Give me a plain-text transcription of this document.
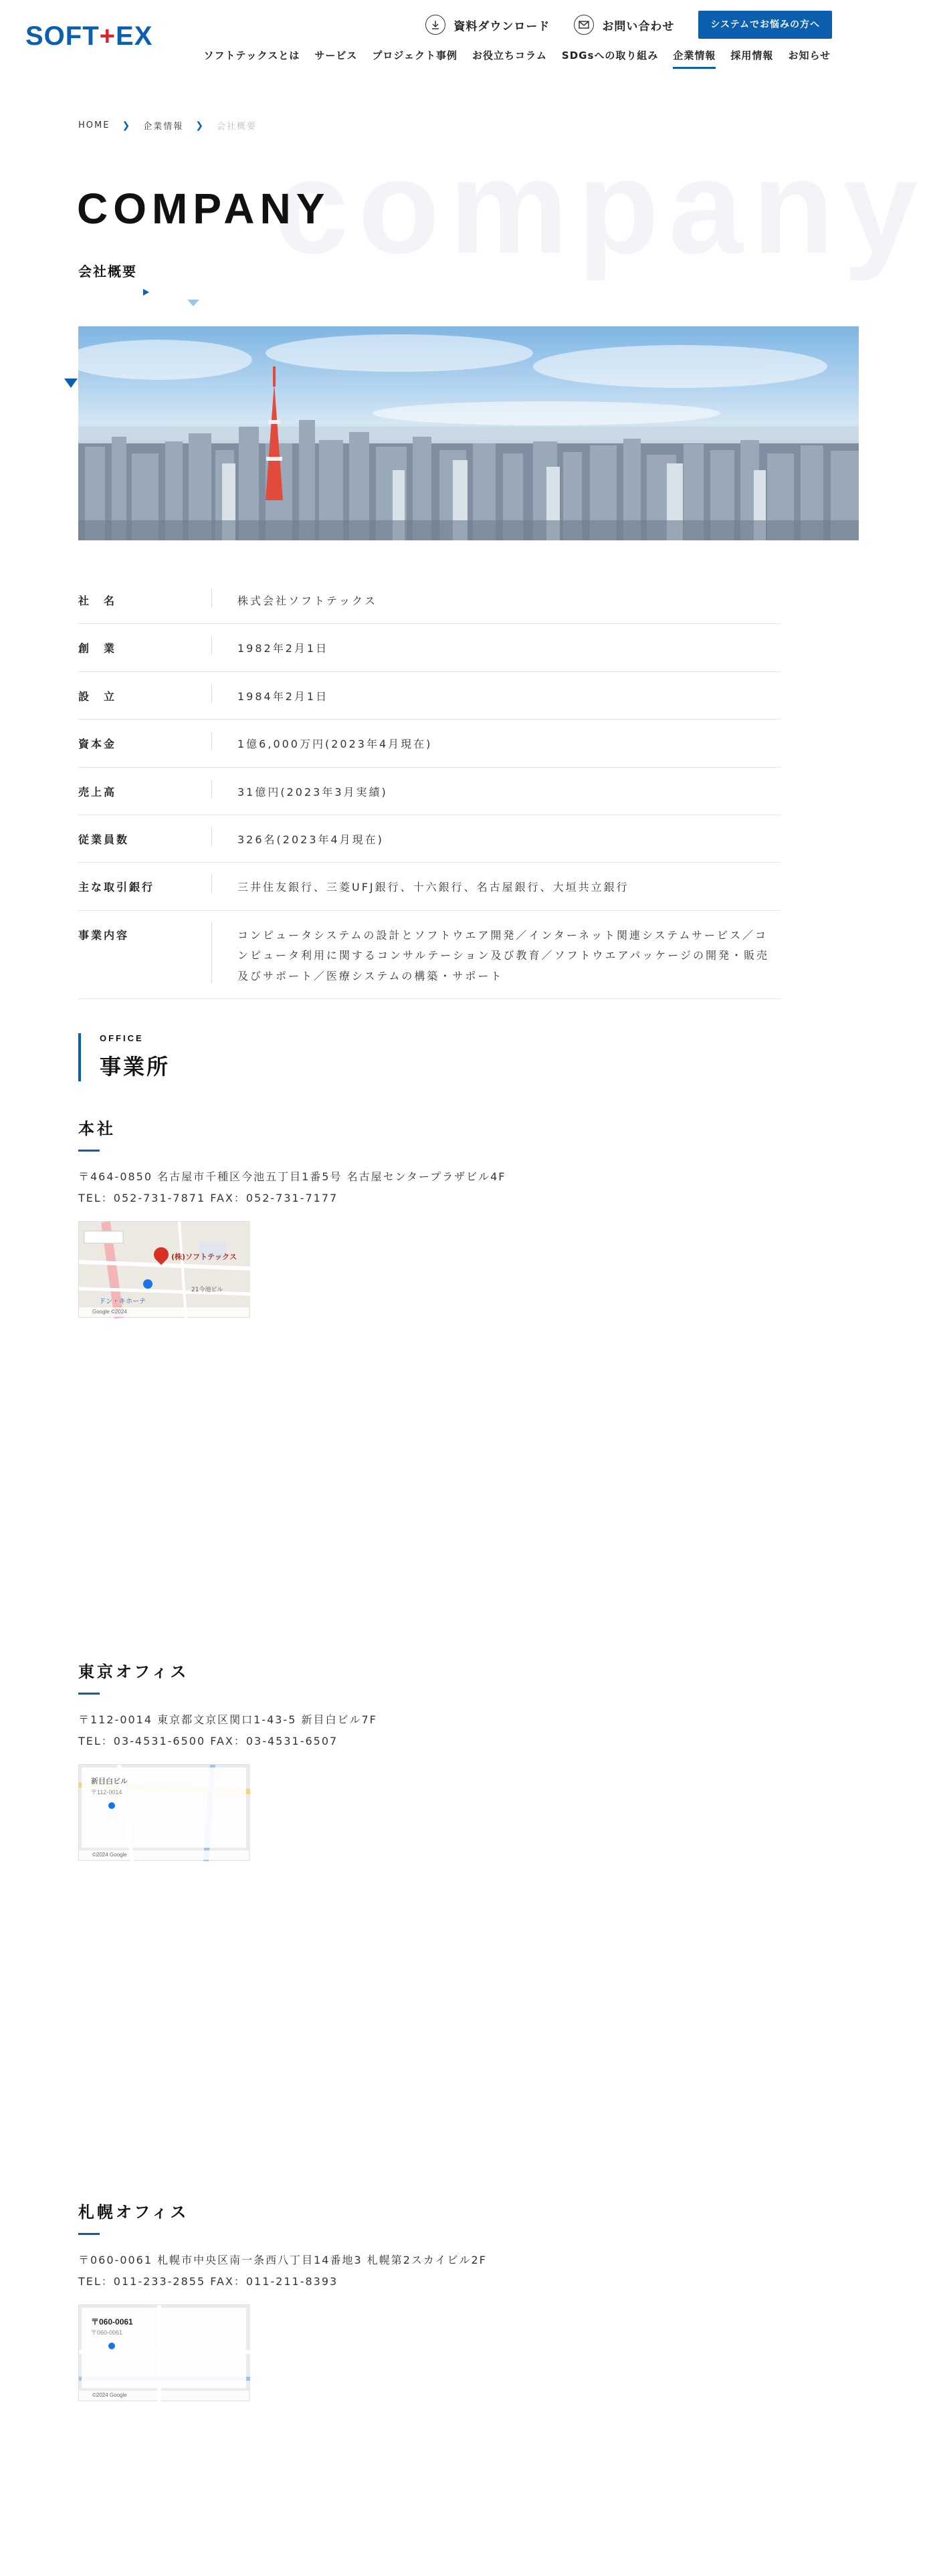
SOFT+EX	資料ダウンロード	お問い合わせ	システムでお悩みの方へ
ソフトテックスとは サービス プロジェクト事例 お役立ちコラム SDGsへの取り組み 企業情報 採用情報 お知らせ
HOME ❯ 企業情報 ❯ 会社概要
company
COMPANY
会社概要
社　名	株式会社ソフトテックス
創　業	1982年2月1日
設　立	1984年2月1日
資本金	1億6,000万円(2023年4月現在)
売上高	31億円(2023年3月実績)
従業員数	326名(2023年4月現在)
主な取引銀行	三井住友銀行、三菱UFJ銀行、十六銀行、名古屋銀行、大垣共立銀行
事業内容	コンピュータシステムの設計とソフトウエア開発／インターネット関連システムサービス／コンピュータ利用に関するコンサルテーション及び教育／ソフトウエアパッケージの開発・販売及びサポート／医療システムの構築・サポート
OFFICE
事業所
本社
〒464-0850 名古屋市千種区今池五丁目1番5号 名古屋センタープラザビル4F
TEL：052-731-7871 FAX：052-731-7177
(株)ソフトテックス
ドン・キホーテ
21今池ビル
Google ©2024
東京オフィス
〒112-0014 東京都文京区関口1-43-5 新目白ビル7F
TEL：03-4531-6500 FAX：03-4531-6507
新目白ビル
〒112-0014
©2024 Google
札幌オフィス
〒060-0061 札幌市中央区南一条西八丁目14番地3 札幌第2スカイビル2F
TEL：011-233-2855 FAX：011-211-8393
〒060-0061
〒060-0061
©2024 Google
